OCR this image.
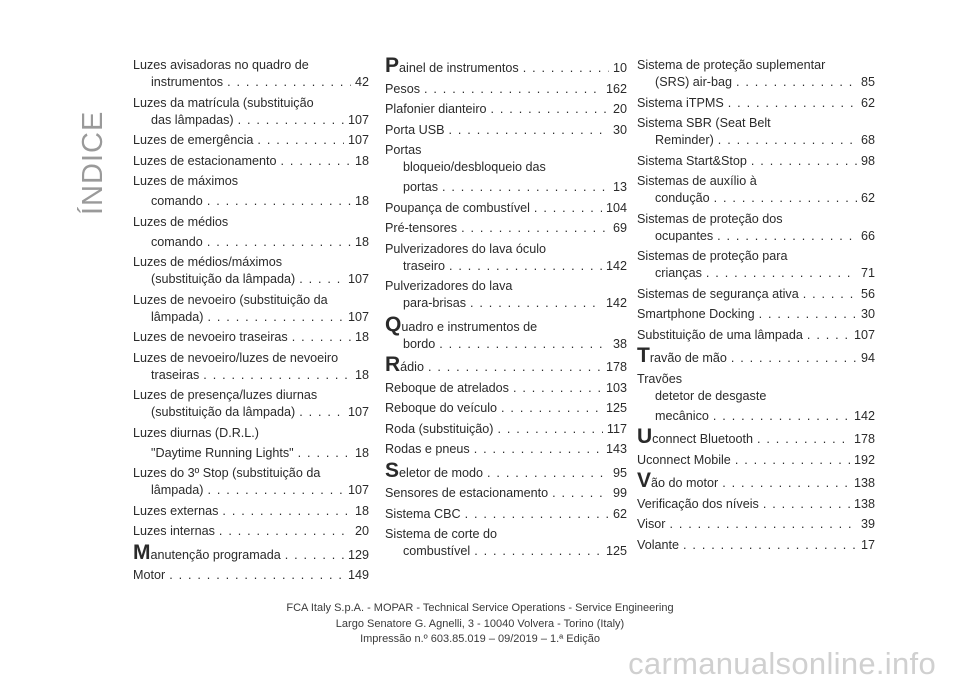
ÍNDICE
Luzes avisadoras no quadro de
instrumentos . . .	42
Luzes da matrícula (substituição
das lâmpadas) . . .	107
Luzes de emergência . . .	107
Luzes de estacionamento . . .	18
Luzes de máximos
comando . . .	18
Luzes de médios
comando . . .	18
Luzes de médios/máximos
(substituição da lâmpada) . . .	107
Luzes de nevoeiro (substituição da
lâmpada) . . .	107
Luzes de nevoeiro traseiras . . .	18
Luzes de nevoeiro/luzes de nevoeiro
traseiras . . .	18
Luzes de presença/luzes diurnas
(substituição da lâmpada) . . .	107
Luzes diurnas (D.R.L.)
"Daytime Running Lights" . . .	18
Luzes do 3º Stop (substituição da
lâmpada) . . .	107
Luzes externas . . .	18
Luzes internas . . .	20
Manutenção programada . . .	129
Motor . . .	149
Painel de instrumentos . . .	10
Pesos . . .	162
Plafonier dianteiro . . .	20
Porta USB . . .	30
Portas
bloqueio/desbloqueio das
portas . . .	13
Poupança de combustível . . .	104
Pré-tensores . . .	69
Pulverizadores do lava óculo
traseiro . . .	142
Pulverizadores do lava
para-brisas . . .	142
Quadro e instrumentos de
bordo . . .	38
Rádio . . .	178
Reboque de atrelados . . .	103
Reboque do veículo . . .	125
Roda (substituição) . . .	117
Rodas e pneus . . .	143
Seletor de modo . . .	95
Sensores de estacionamento . . .	99
Sistema CBC . . .	62
Sistema de corte do
combustível . . .	125
Sistema de proteção suplementar
(SRS) air-bag . . .	85
Sistema iTPMS . . .	62
Sistema SBR (Seat Belt
Reminder) . . .	68
Sistema Start&Stop . . .	98
Sistemas de auxílio à
condução . . .	62
Sistemas de proteção dos
ocupantes . . .	66
Sistemas de proteção para
crianças . . .	71
Sistemas de segurança ativa . . .	56
Smartphone Docking . . .	30
Substituição de uma lâmpada . . .	107
Travão de mão . . .	94
Travões
detetor de desgaste
mecânico . . .	142
Uconnect Bluetooth . . .	178
Uconnect Mobile . . .	192
Vão do motor . . .	138
Verificação dos níveis . . .	138
Visor . . .	39
Volante . . .	17
FCA Italy S.p.A. - MOPAR - Technical Service Operations - Service Engineering
Largo Senatore G. Agnelli, 3 - 10040 Volvera - Torino (Italy)
Impressão n.º 603.85.019 – 09/2019 – 1.ª Edição
carmanualsonline.info
